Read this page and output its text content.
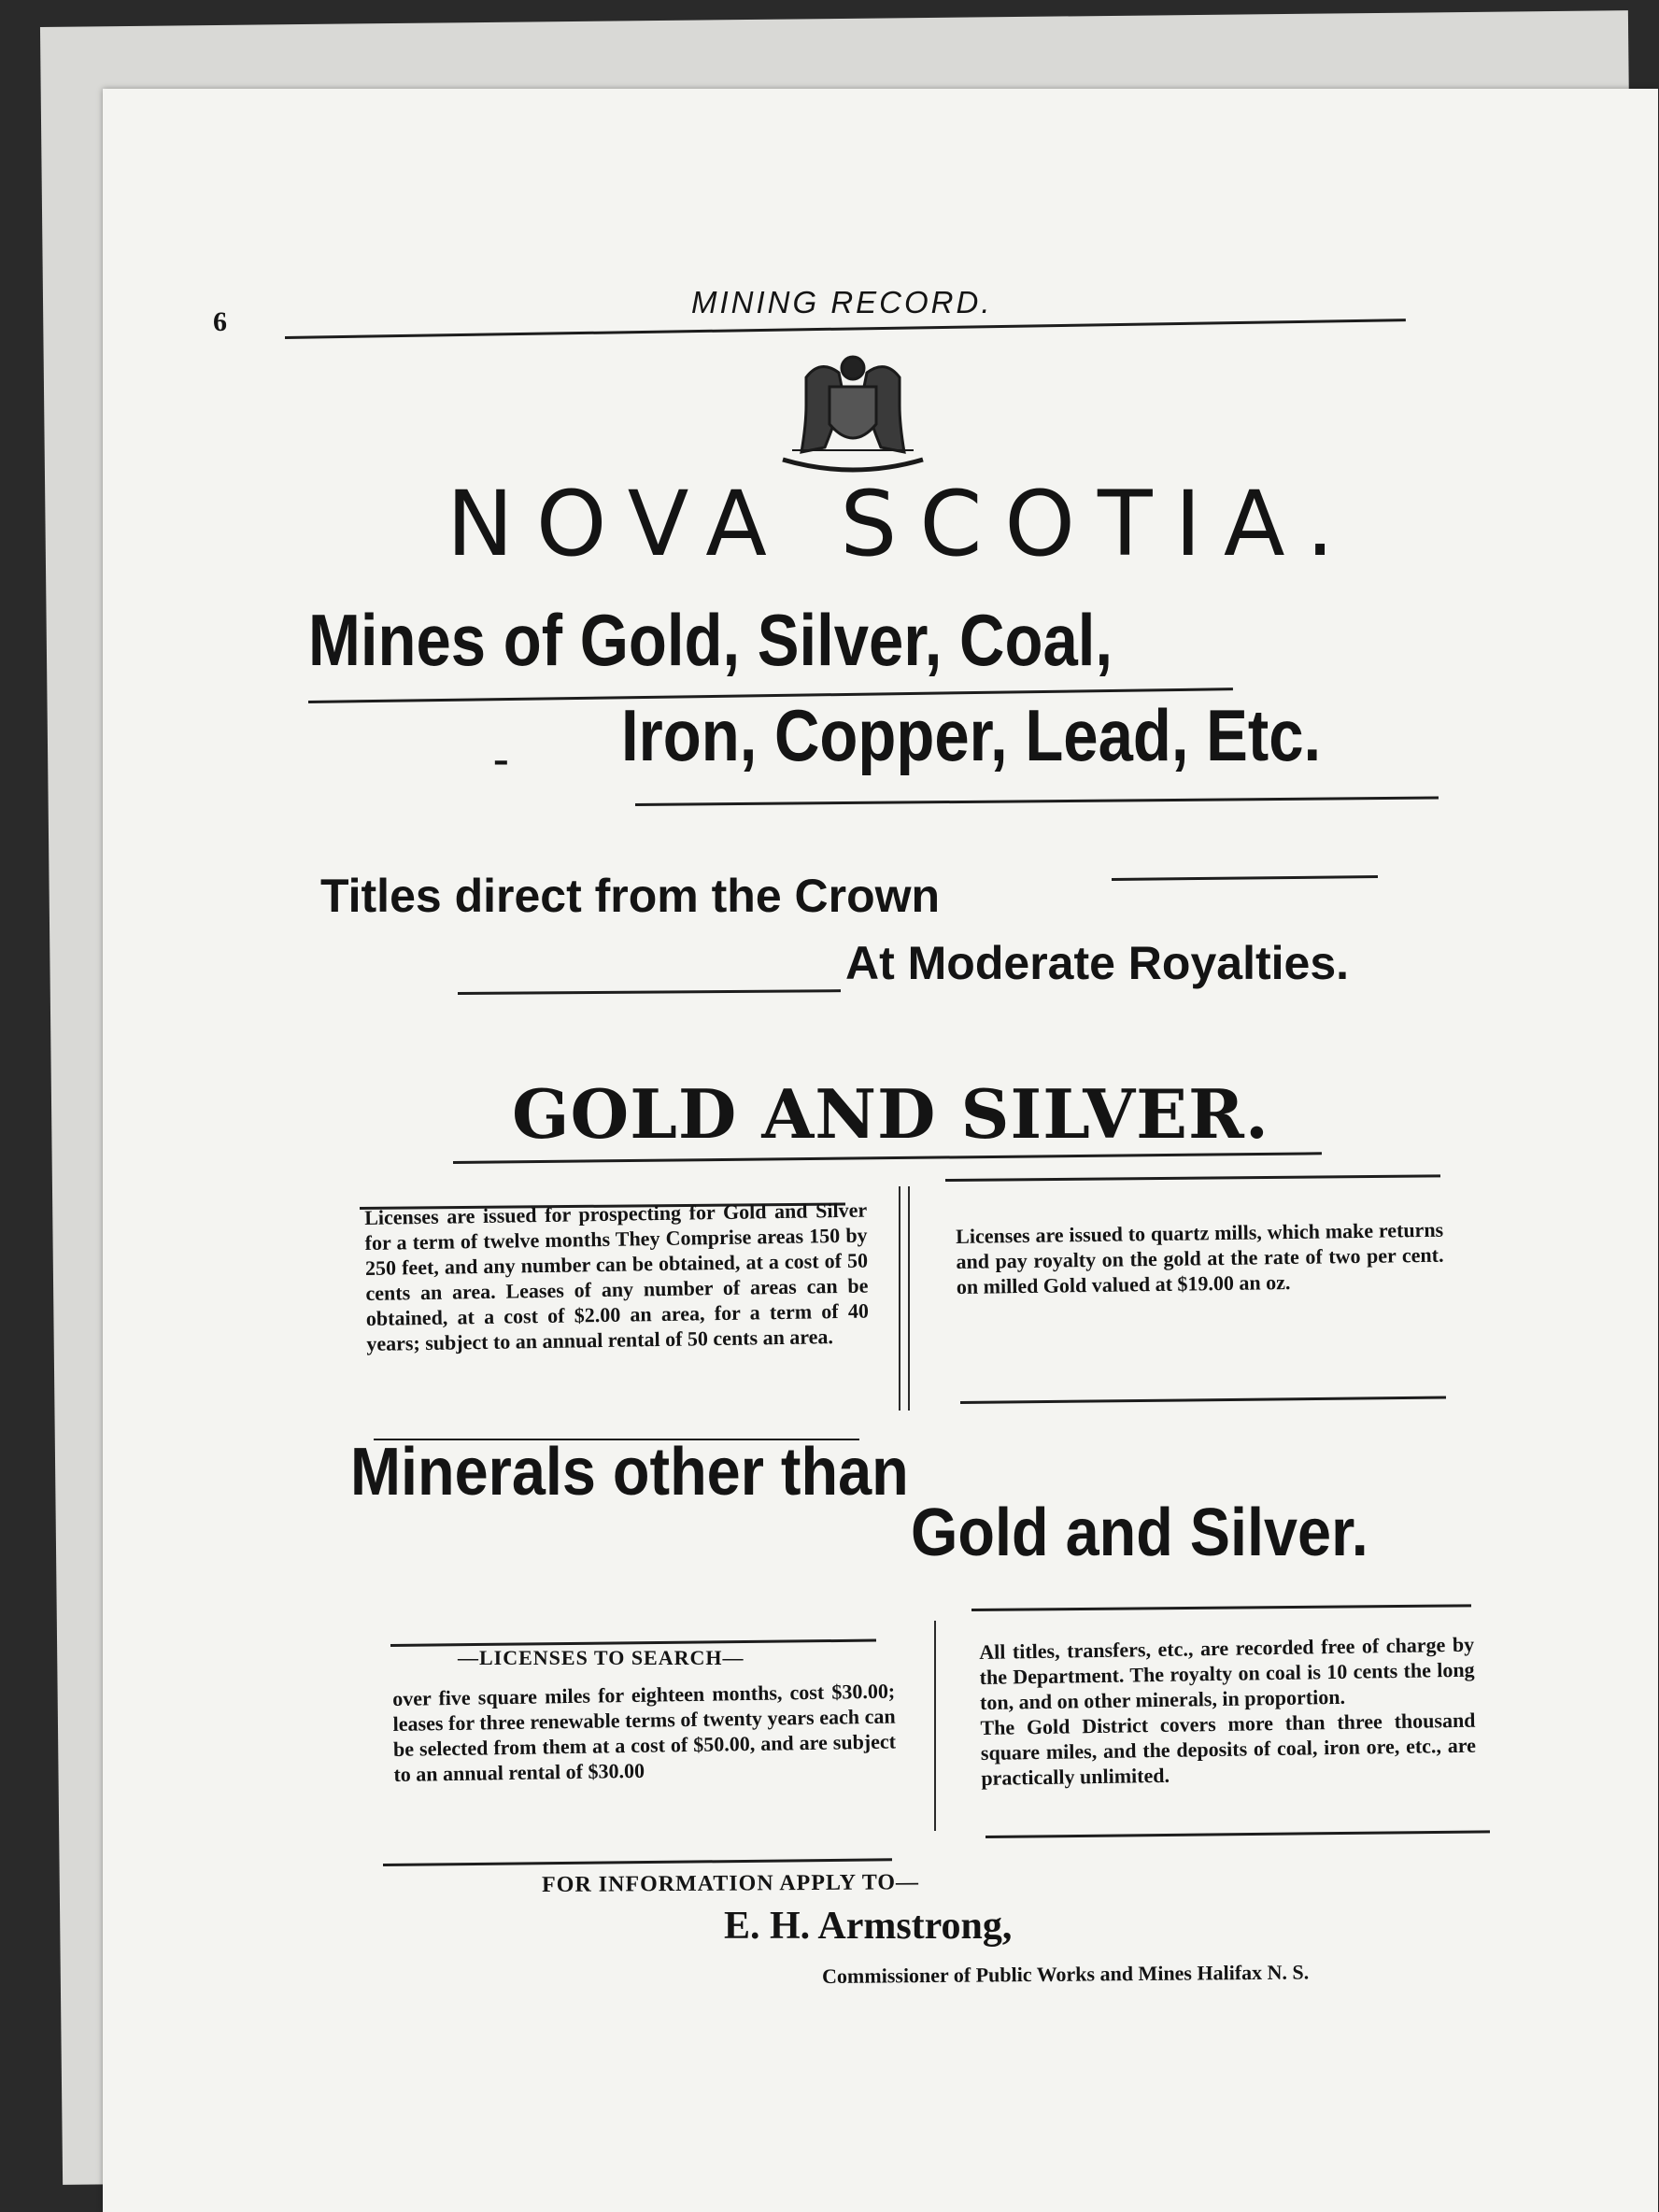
6
MINING RECORD.
NOVA SCOTIA.
Mines of Gold, Silver, Coal,
- Iron, Copper, Lead, Etc.
Titles direct from the Crown
At Moderate Royalties.
GOLD AND SILVER.
Licenses are issued for prospecting for Gold and Silver for a term of twelve months They Comprise areas 150 by 250 feet, and any number can be obtained, at a cost of 50 cents an area. Leases of any number of areas can be obtained, at a cost of $2.00 an area, for a term of 40 years; subject to an annual rental of 50 cents an area.
Licenses are issued to quartz mills, which make returns and pay royalty on the gold at the rate of two per cent. on milled Gold valued at $19.00 an oz.
Minerals other than
Gold and Silver.
—LICENSES TO SEARCH—
over five square miles for eighteen months, cost $30.00; leases for three renewable terms of twenty years each can be selected from them at a cost of $50.00, and are subject to an annual rental of $30.00
All titles, transfers, etc., are recorded free of charge by the Department. The royalty on coal is 10 cents the long ton, and on other minerals, in proportion.
The Gold District covers more than three thousand square miles, and the deposits of coal, iron ore, etc., are practically unlimited.
FOR INFORMATION APPLY TO—
E. H. Armstrong,
Commissioner of Public Works and Mines Halifax N. S.
